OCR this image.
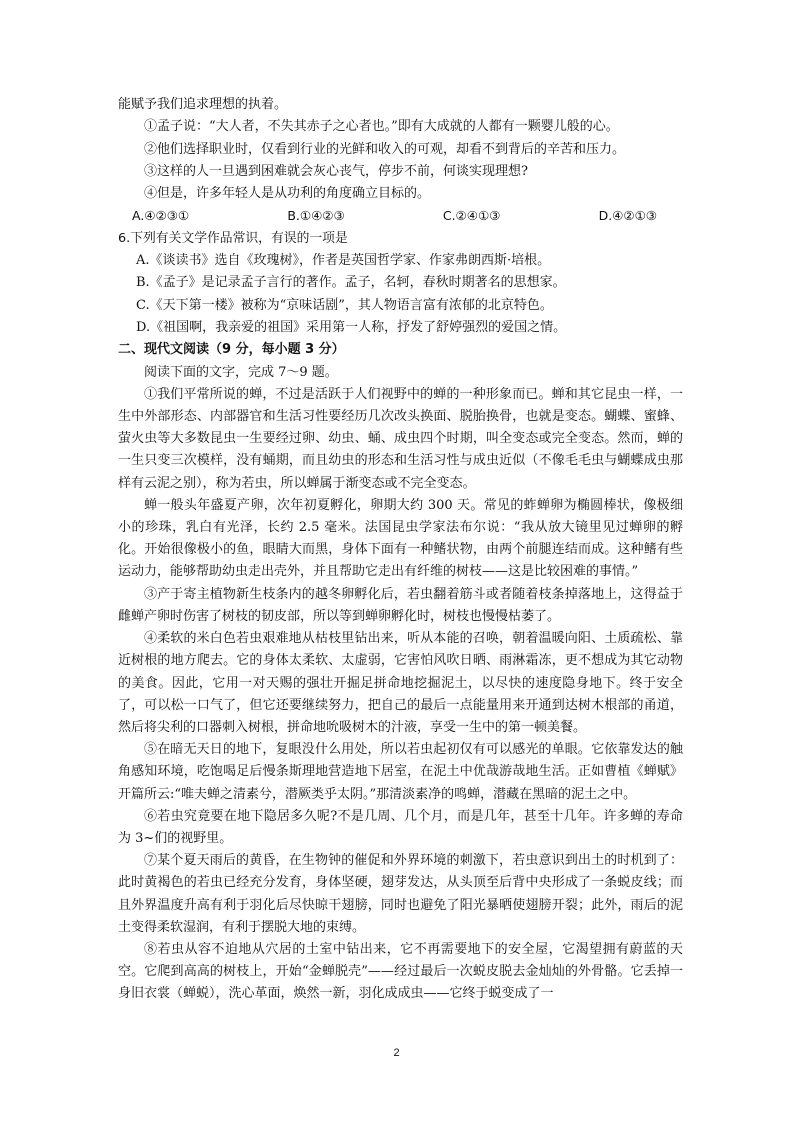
能赋予我们追求理想的执着。
①孟子说：“大人者，不失其赤子之心者也。”即有大成就的人都有一颗婴儿般的心。
②他们选择职业时，仅看到行业的光鲜和收入的可观，却看不到背后的辛苦和压力。
③这样的人一旦遇到困难就会灰心丧气，停步不前，何谈实现理想?
④但是，许多年轻人是从功利的角度确立目标的。
A.④②③①	B.①④②③	C.②④①③	D.④②①③
6.下列有关文学作品常识，有误的一项是
A.《谈读书》选自《玫瑰树》，作者是英国哲学家、作家弗朗西斯·培根。
B.《孟子》是记录孟子言行的著作。孟子，名轲，春秋时期著名的思想家。
C.《天下第一楼》被称为“京味话剧”，其人物语言富有浓郁的北京特色。
D.《祖国啊，我亲爱的祖国》采用第一人称，抒发了舒婷强烈的爱国之情。
二、现代文阅读（9 分，每小题 3 分）
阅读下面的文字，完成 7～9 题。
①我们平常所说的蝉，不过是活跃于人们视野中的蝉的一种形象而已。蝉和其它昆虫一样，一生中外部形态、内部器官和生活习性要经历几次改头换面、脱胎换骨，也就是变态。蝴蝶、蜜蜂、萤火虫等大多数昆虫一生要经过卵、幼虫、蛹、成虫四个时期，叫全变态或完全变态。然而，蝉的一生只变三次模样，没有蛹期，而且幼虫的形态和生活习性与成虫近似（不像毛毛虫与蝴蝶成虫那样有云泥之别），称为若虫，所以蝉属于渐变态或不完全变态。
蝉一般头年盛夏产卵，次年初夏孵化，卵期大约 300 天。常见的蚱蝉卵为椭圆棒状，像极细小的珍珠，乳白有光泽，长约 2.5 毫米。法国昆虫学家法布尔说：“我从放大镜里见过蝉卵的孵化。开始很像极小的鱼，眼睛大而黑，身体下面有一种鳍状物，由两个前腿连结而成。这种鳍有些运动力，能够帮助幼虫走出壳外，并且帮助它走出有纤维的树枝——这是比较困难的事情。”
③产于寄主植物新生枝条内的越冬卵孵化后，若虫翻着筋斗或者随着枝条掉落地上，这得益于雌蝉产卵时伤害了树枝的韧皮部，所以等到蝉卵孵化时，树枝也慢慢枯萎了。
④柔软的米白色若虫艰难地从枯枝里钻出来，听从本能的召唤，朝着温暖向阳、土质疏松、靠近树根的地方爬去。它的身体太柔软、太虚弱，它害怕风吹日晒、雨淋霜冻，更不想成为其它动物的美食。因此，它用一对天赐的强壮开掘足拼命地挖掘泥土，以尽快的速度隐身地下。终于安全了，可以松一口气了，但它还要继续努力，把自己的最后一点能量用来开通到达树木根部的甬道，然后将尖利的口器刺入树根，拼命地吮吸树木的汁液，享受一生中的第一顿美餐。
⑤在暗无天日的地下，复眼没什么用处，所以若虫起初仅有可以感光的单眼。它依靠发达的触角感知环境，吃饱喝足后慢条斯理地营造地下居室，在泥土中优哉游哉地生活。正如曹植《蝉赋》开篇所云:“唯夫蝉之清素兮，潜厥类乎太阴。”那清淡素净的鸣蝉，潜藏在黑暗的泥土之中。
⑥若虫究竟要在地下隐居多久呢?不是几周、几个月，而是几年，甚至十几年。许多蝉的寿命为 3~们的视野里。
⑦某个夏天雨后的黄昏，在生物钟的催促和外界环境的刺激下，若虫意识到出土的时机到了：此时黄褐色的若虫已经充分发育，身体坚硬，翅芽发达，从头顶至后背中央形成了一条蜕皮线；而且外界温度升高有利于羽化后尽快晾干翅膀，同时也避免了阳光暴晒使翅膀开裂；此外，雨后的泥土变得柔软湿润，有利于摆脱大地的束缚。
⑧若虫从容不迫地从穴居的土室中钻出来，它不再需要地下的安全屋，它渴望拥有蔚蓝的天空。它爬到高高的树枝上，开始“金蝉脱壳”——经过最后一次蜕皮脱去金灿灿的外骨骼。它丢掉一身旧衣裳（蝉蜕），洗心革面，焕然一新，羽化成成虫——它终于蜕变成了一
2
